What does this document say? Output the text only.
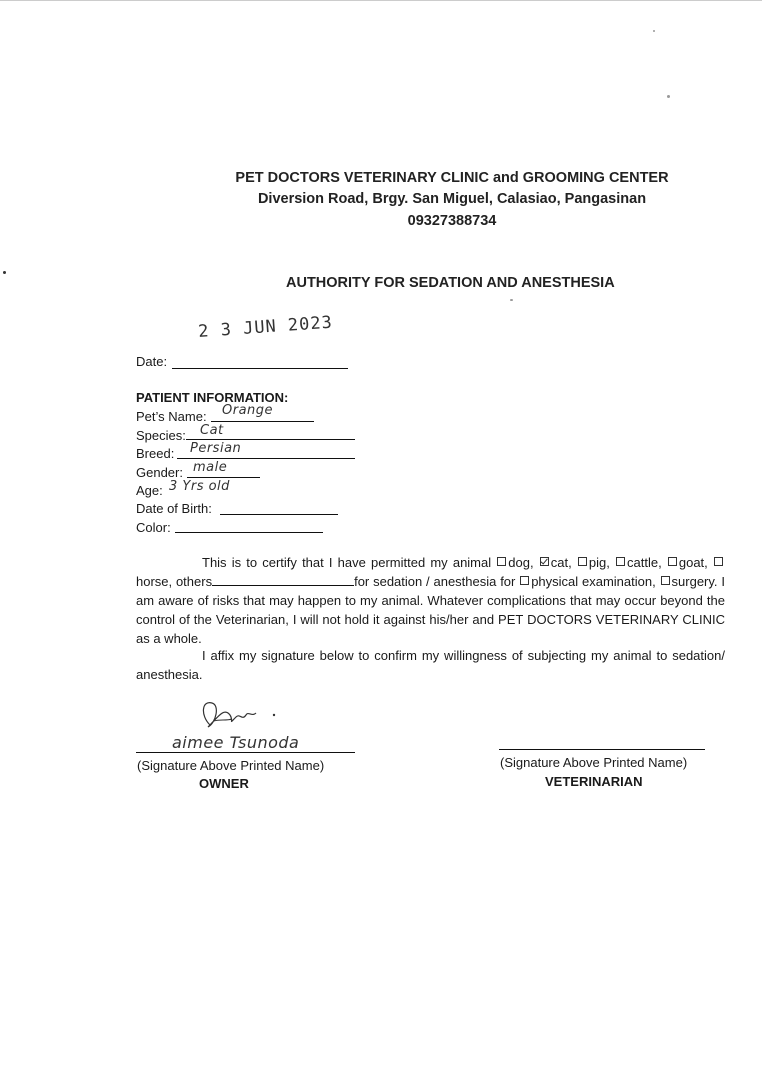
PET DOCTORS VETERINARY CLINIC and GROOMING CENTER
Diversion Road, Brgy. San Miguel, Calasiao, Pangasinan
09327388734
AUTHORITY FOR SEDATION AND ANESTHESIA
2 3 JUN 2023
Date:
PATIENT INFORMATION:
Pet’s Name: Orange
Species: Cat
Breed: Persian
Gender: male
Age: 3 Yrs old
Date of Birth:
Color:
This is to certify that I have permitted my animal dog, cat, pig, cattle, goat, horse, others	for sedation / anesthesia for physical examination, surgery. I am aware of risks that may happen to my animal. Whatever complications that may occur beyond the control of the Veterinarian, I will not hold it against his/her and PET DOCTORS VETERINARY CLINIC as a whole.
I affix my signature below to confirm my willingness of subjecting my animal to sedation/ anesthesia.
aimee Tsunoda
(Signature Above Printed Name)
OWNER
(Signature Above Printed Name)
VETERINARIAN
